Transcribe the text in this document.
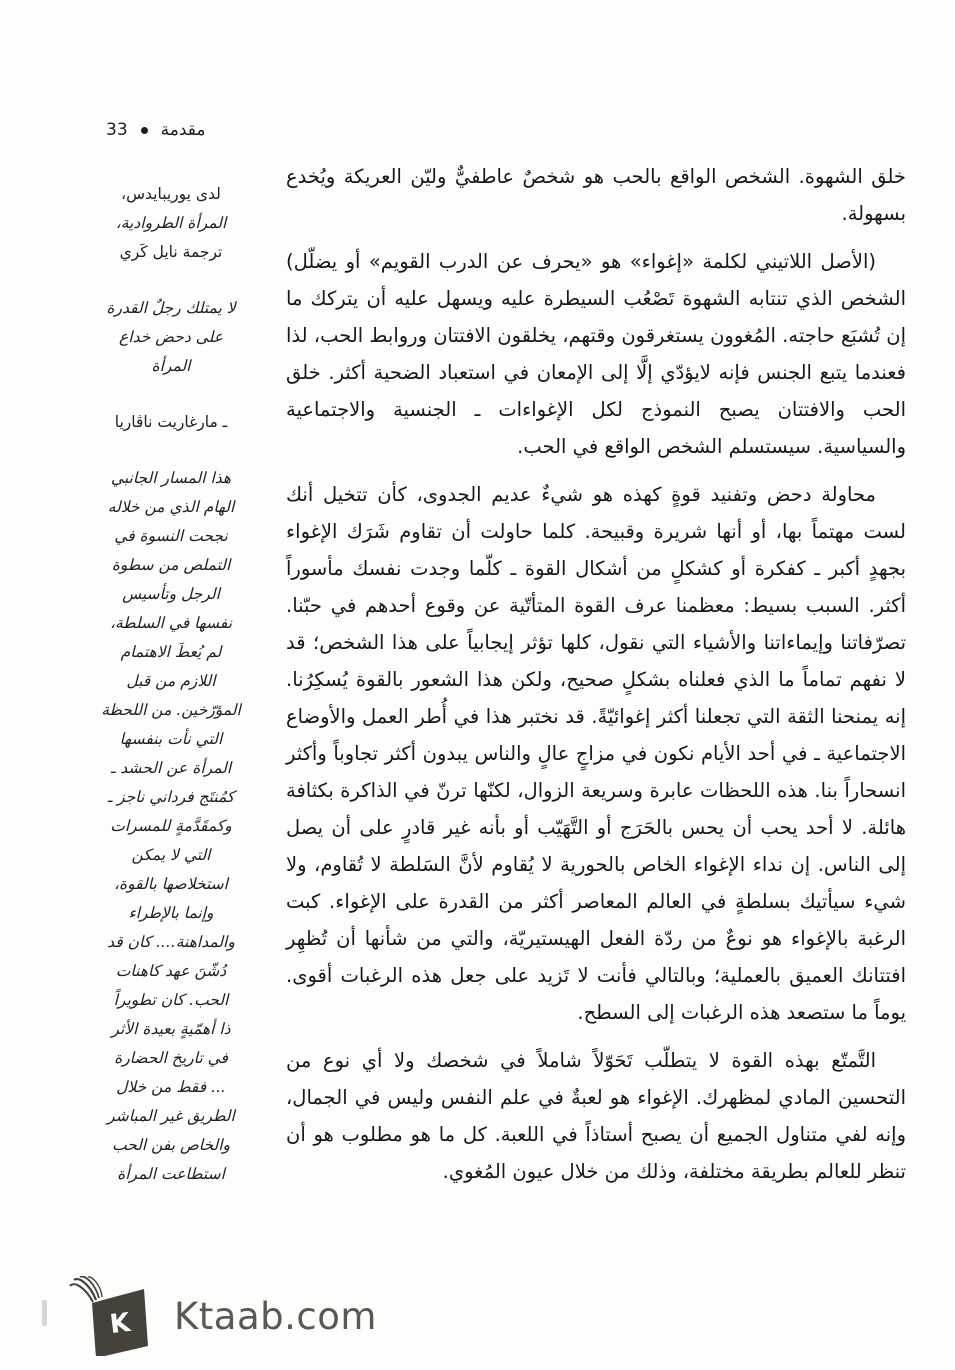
مقدمة
33
لدى يوريبايدس،
المرأة الطروادية،
ترجمة نايل كَري
لا يمتلك رجلٌ القدرة
على دحض خداع
المرأة
ـ مارغاريت ناڤاريا
هذا المسار الجانبي
الهام الذي من خلاله
نجحت النسوة في
التملص من سطوة
الرجل وتأسيس
نفسها في السلطة،
لم يُعطَ الاهتمام
اللازم من قبل
المؤرّخين. من اللحظة
التي نأت بنفسها
المرأة عن الحشد ـ
كمُنتَج فرداني ناجز ـ
وكمقَدَّمةٍ للمسرات
التي لا يمكن
استخلاصها بالقوة،
وإنما بالإطراء
والمداهنة.... كان قد
دُشّنَ عهد كاهنات
الحب. كان تطويراً
ذا أهمّيةٍ بعيدة الأثر
في تاريخ الحضارة
... فقط من خلال
الطريق غير المباشر
والخاص بفن الحب
استطاعت المرأة

خلق الشهوة. الشخص الواقع بالحب هو شخصٌ عاطفيٌّ وليّن العريكة ويُخدع بسهولة.

(الأصل اللاتيني لكلمة «إغواء» هو «يحرف عن الدرب القويم» أو يضلّل) الشخص الذي تنتابه الشهوة تَصْعُب السيطرة عليه ويسهل عليه أن يتركك ما إن تُشبَع حاجته. المُغوون يستغرقون وقتهم، يخلقون الافتتان وروابط الحب، لذا فعندما يتبع الجنس فإنه لايؤدّي إلَّا إلى الإمعان في استعباد الضحية أكثر. خلق الحب والافتتان يصبح النموذج لكل الإغواءات ـ الجنسية والاجتماعية والسياسية. سيستسلم الشخص الواقع في الحب.

محاولة دحض وتفنيد قوةٍ كهذه هو شيءٌ عديم الجدوى، كأن تتخيل أنك لست مهتماً بها، أو أنها شريرة وقبيحة. كلما حاولت أن تقاوم شَرَك الإغواء بجهدٍ أكبر ـ كفكرة أو كشكلٍ من أشكال القوة ـ كلّما وجدت نفسك مأسوراً أكثر. السبب بسيط: معظمنا عرف القوة المتأتّية عن وقوع أحدهم في حبّنا. تصرّفاتنا وإيماءاتنا والأشياء التي نقول، كلها تؤثر إيجابياً على هذا الشخص؛ قد لا نفهم تماماً ما الذي فعلناه بشكلٍ صحيح، ولكن هذا الشعور بالقوة يُسكِرُنا. إنه يمنحنا الثقة التي تجعلنا أكثر إغوائيّةً. قد نختبر هذا في أُطر العمل والأوضاع الاجتماعية ـ في أحد الأيام نكون في مزاجٍ عالٍ والناس يبدون أكثر تجاوباً وأكثر انسحاراً بنا. هذه اللحظات عابرة وسريعة الزوال، لكنّها ترنّ في الذاكرة بكثافة هائلة. لا أحد يحب أن يحس بالحَرَج أو التَّهَيّب أو بأنه غير قادرٍ على أن يصل إلى الناس. إن نداء الإغواء الخاص بالحورية لا يُقاوم لأنَّ السَلطة لا تُقاوم، ولا شيء سيأتيك بسلطةٍ في العالم المعاصر أكثر من القدرة على الإغواء. كبت الرغبة بالإغواء هو نوعٌ من ردّة الفعل الهيستيريّة، والتي من شأنها أن تُظهِر افتتانك العميق بالعملية؛ وبالتالي فأنت لا تَزيد على جعل هذه الرغبات أقوى. يوماً ما ستصعد هذه الرغبات إلى السطح.

التَّمتّع بهذه القوة لا يتطلّب تَحَوّلاً شاملاً في شخصك ولا أي نوع من التحسين المادي لمظهرك. الإغواء هو لعبةٌ في علم النفس وليس في الجمال، وإنه لفي متناول الجميع أن يصبح أستاذاً في اللعبة. كل ما هو مطلوب هو أن تنظر للعالم بطريقة مختلفة، وذلك من خلال عيون المُغوي.

K Ktaab.com
